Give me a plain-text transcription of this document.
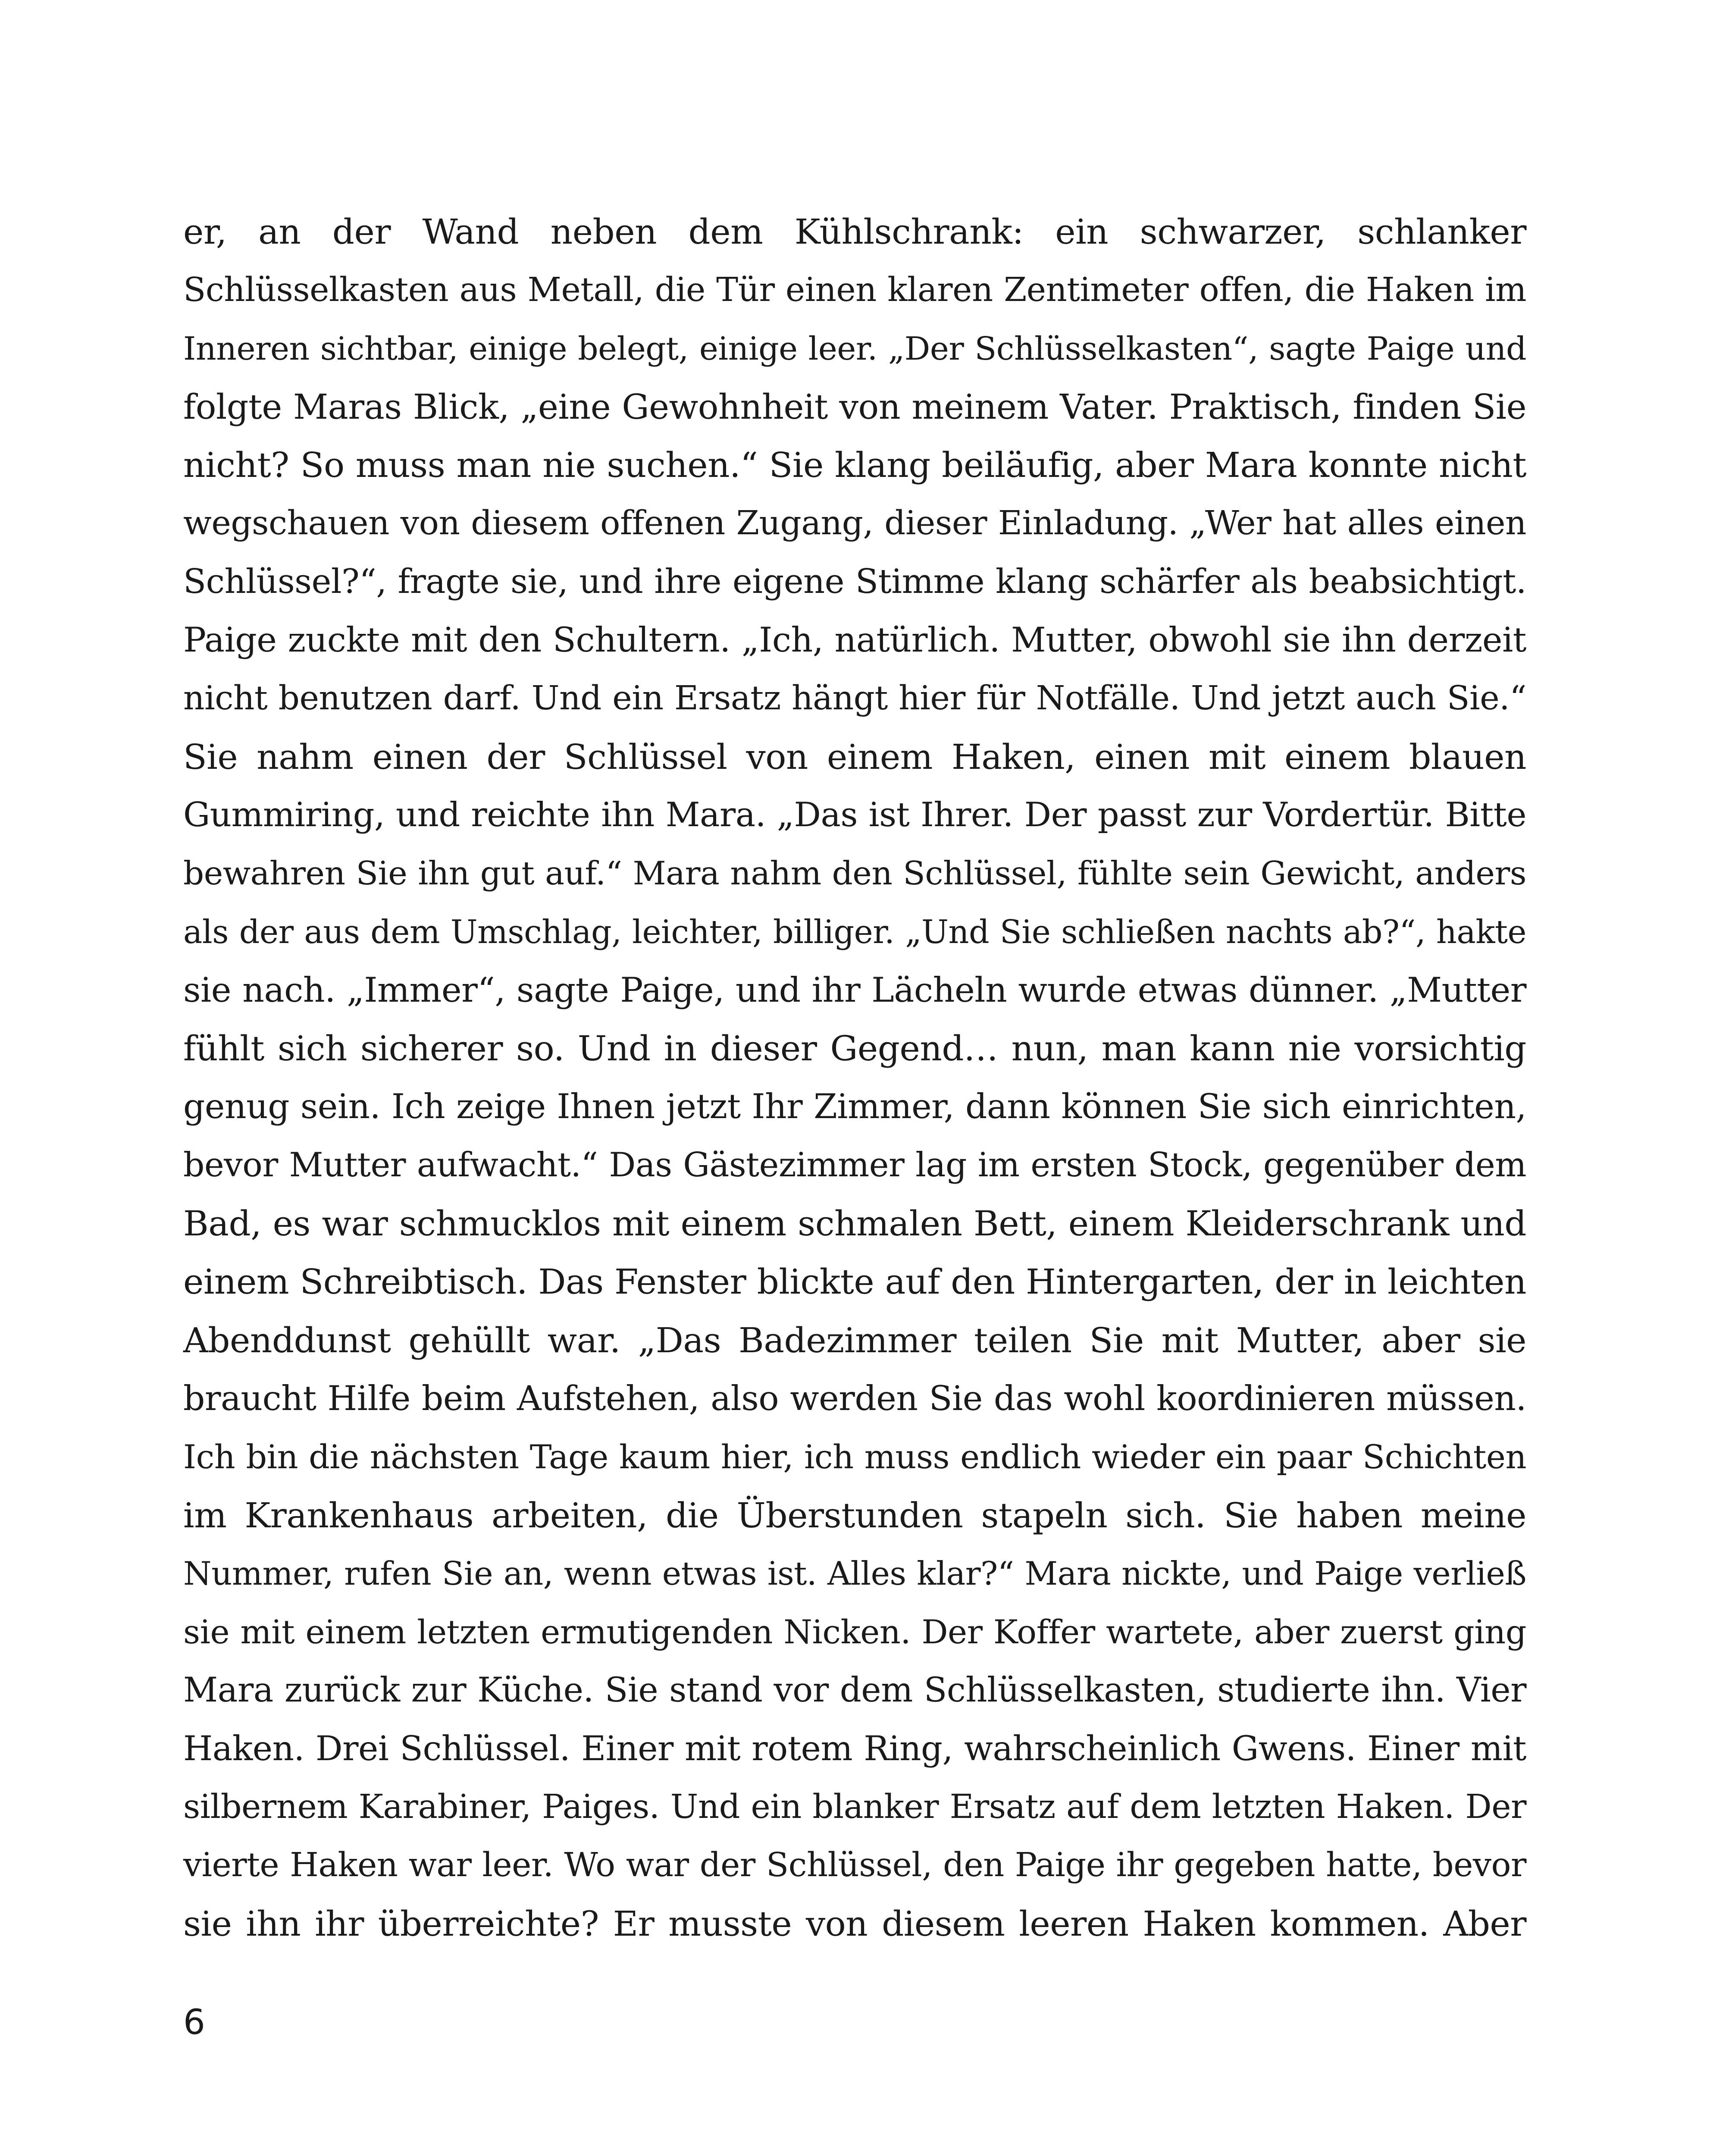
er, an der Wand neben dem Kühlschrank: ein schwarzer, schlanker
Schlüsselkasten aus Metall, die Tür einen klaren Zentimeter offen, die Haken im
Inneren sichtbar, einige belegt, einige leer. „Der Schlüsselkasten“, sagte Paige und
folgte Maras Blick, „eine Gewohnheit von meinem Vater. Praktisch, finden Sie
nicht? So muss man nie suchen.“ Sie klang beiläufig, aber Mara konnte nicht
wegschauen von diesem offenen Zugang, dieser Einladung. „Wer hat alles einen
Schlüssel?“, fragte sie, und ihre eigene Stimme klang schärfer als beabsichtigt.
Paige zuckte mit den Schultern. „Ich, natürlich. Mutter, obwohl sie ihn derzeit
nicht benutzen darf. Und ein Ersatz hängt hier für Notfälle. Und jetzt auch Sie.“
Sie nahm einen der Schlüssel von einem Haken, einen mit einem blauen
Gummiring, und reichte ihn Mara. „Das ist Ihrer. Der passt zur Vordertür. Bitte
bewahren Sie ihn gut auf.“ Mara nahm den Schlüssel, fühlte sein Gewicht, anders
als der aus dem Umschlag, leichter, billiger. „Und Sie schließen nachts ab?“, hakte
sie nach. „Immer“, sagte Paige, und ihr Lächeln wurde etwas dünner. „Mutter
fühlt sich sicherer so. Und in dieser Gegend… nun, man kann nie vorsichtig
genug sein. Ich zeige Ihnen jetzt Ihr Zimmer, dann können Sie sich einrichten,
bevor Mutter aufwacht.“ Das Gästezimmer lag im ersten Stock, gegenüber dem
Bad, es war schmucklos mit einem schmalen Bett, einem Kleiderschrank und
einem Schreibtisch. Das Fenster blickte auf den Hintergarten, der in leichten
Abenddunst gehüllt war. „Das Badezimmer teilen Sie mit Mutter, aber sie
braucht Hilfe beim Aufstehen, also werden Sie das wohl koordinieren müssen.
Ich bin die nächsten Tage kaum hier, ich muss endlich wieder ein paar Schichten
im Krankenhaus arbeiten, die Überstunden stapeln sich. Sie haben meine
Nummer, rufen Sie an, wenn etwas ist. Alles klar?“ Mara nickte, und Paige verließ
sie mit einem letzten ermutigenden Nicken. Der Koffer wartete, aber zuerst ging
Mara zurück zur Küche. Sie stand vor dem Schlüsselkasten, studierte ihn. Vier
Haken. Drei Schlüssel. Einer mit rotem Ring, wahrscheinlich Gwens. Einer mit
silbernem Karabiner, Paiges. Und ein blanker Ersatz auf dem letzten Haken. Der
vierte Haken war leer. Wo war der Schlüssel, den Paige ihr gegeben hatte, bevor
sie ihn ihr überreichte? Er musste von diesem leeren Haken kommen. Aber
6
